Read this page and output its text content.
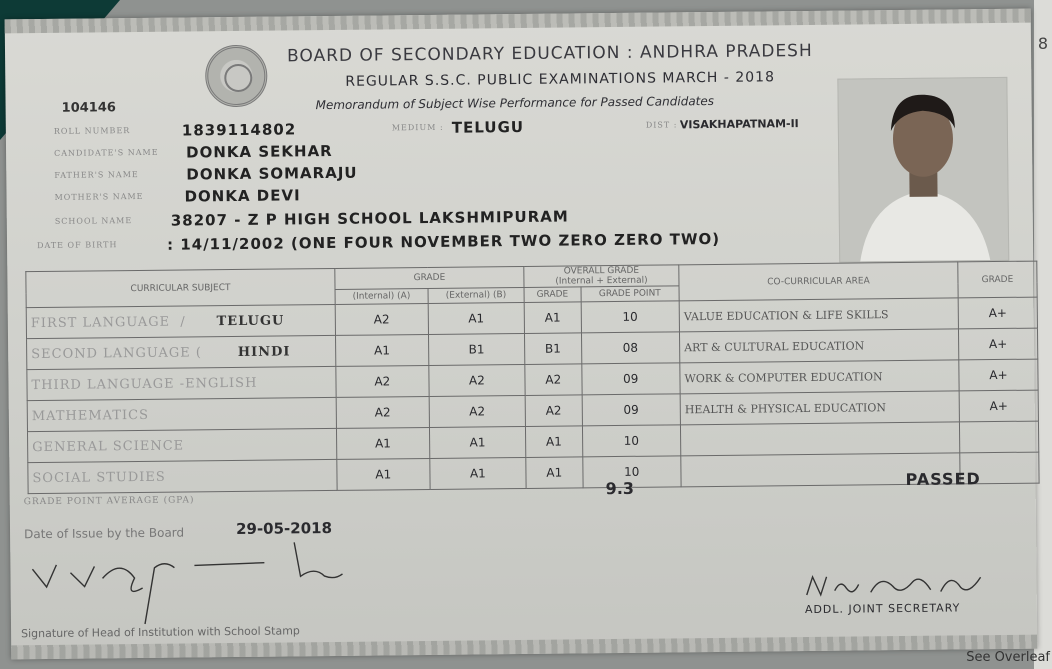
8
BOARD OF SECONDARY EDUCATION : ANDHRA PRADESH
REGULAR S.S.C. PUBLIC EXAMINATIONS MARCH - 2018
Memorandum of Subject Wise Performance for Passed Candidates
104146
ROLL NUMBER	1839114802	MEDIUM : TELUGU	DIST : VISAKHAPATNAM-II
CANDIDATE'S NAME DONKA SEKHAR
FATHER'S NAME	DONKA SOMARAJU
MOTHER'S NAME	DONKA DEVI
SCHOOL NAME	38207 - Z P HIGH SCHOOL LAKSHMIPURAM
DATE OF BIRTH	: 14/11/2002 (ONE FOUR NOVEMBER TWO ZERO ZERO TWO)
CURRICULAR SUBJECT	GRADE		OVERALL GRADE
(Internal + External)		CO-CURRICULAR AREA	GRADE
	(Internal) (A)	(External) (B)	GRADE	GRADE POINT		
FIRST LANGUAGE  /      TELUGU	A2	A1	A1	10	VALUE EDUCATION & LIFE SKILLS	A+
SECOND LANGUAGE (       HINDI	A1	B1	B1	08	ART & CULTURAL EDUCATION	A+
THIRD LANGUAGE -ENGLISH	A2	A2	A2	09	WORK & COMPUTER EDUCATION	A+
MATHEMATICS	A2	A2	A2	09	HEALTH & PHYSICAL EDUCATION	A+
GENERAL SCIENCE	A1	A1	A1	10		
SOCIAL STUDIES	A1	A1	A1	10		
GRADE POINT AVERAGE (GPA)
9.3	PASSED
Date of Issue by the Board	29-05-2018
Signature of Head of Institution with School Stamp
ADDL. JOINT SECRETARY
See Overleaf
